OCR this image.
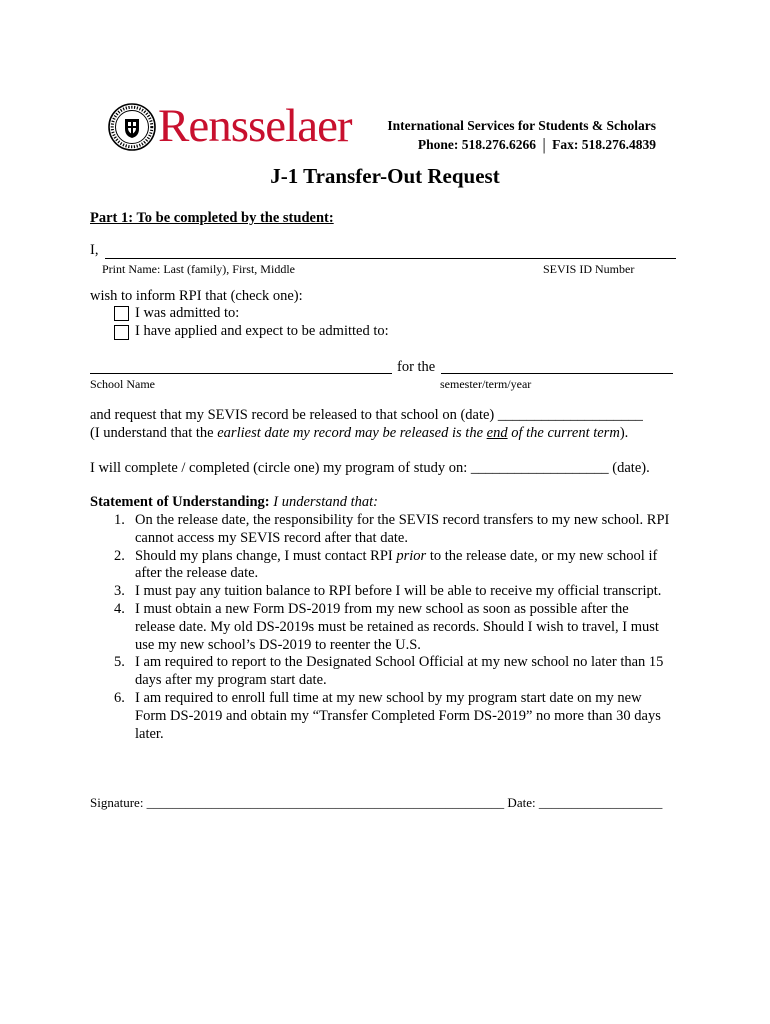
Rensselaer	International Services for Students & Scholars
Phone: 518.276.6266 | Fax: 518.276.4839
J-1 Transfer-Out Request
Part 1: To be completed by the student:
I,
Print Name: Last (family), First, Middle	SEVIS ID Number
wish to inform RPI that (check one):
I was admitted to:
I have applied and expect to be admitted to:
for the
School Name	semester/term/year
and request that my SEVIS record be released to that school on (date) ____________________
(I understand that the earliest date my record may be released is the end of the current term).
I will complete / completed (circle one) my program of study on: ___________________ (date).
Statement of Understanding: I understand that:
1. On the release date, the responsibility for the SEVIS record transfers to my new school. RPI cannot access my SEVIS record after that date.
2. Should my plans change, I must contact RPI prior to the release date, or my new school if after the release date.
3. I must pay any tuition balance to RPI before I will be able to receive my official transcript.
4. I must obtain a new Form DS-2019 from my new school as soon as possible after the release date. My old DS-2019s must be retained as records. Should I wish to travel, I must use my new school’s DS-2019 to reenter the U.S.
5. I am required to report to the Designated School Official at my new school no later than 15 days after my program start date.
6. I am required to enroll full time at my new school by my program start date on my new Form DS-2019 and obtain my “Transfer Completed Form DS-2019” no more than 30 days later.
Signature: _______________________________________________________ Date: ___________________
